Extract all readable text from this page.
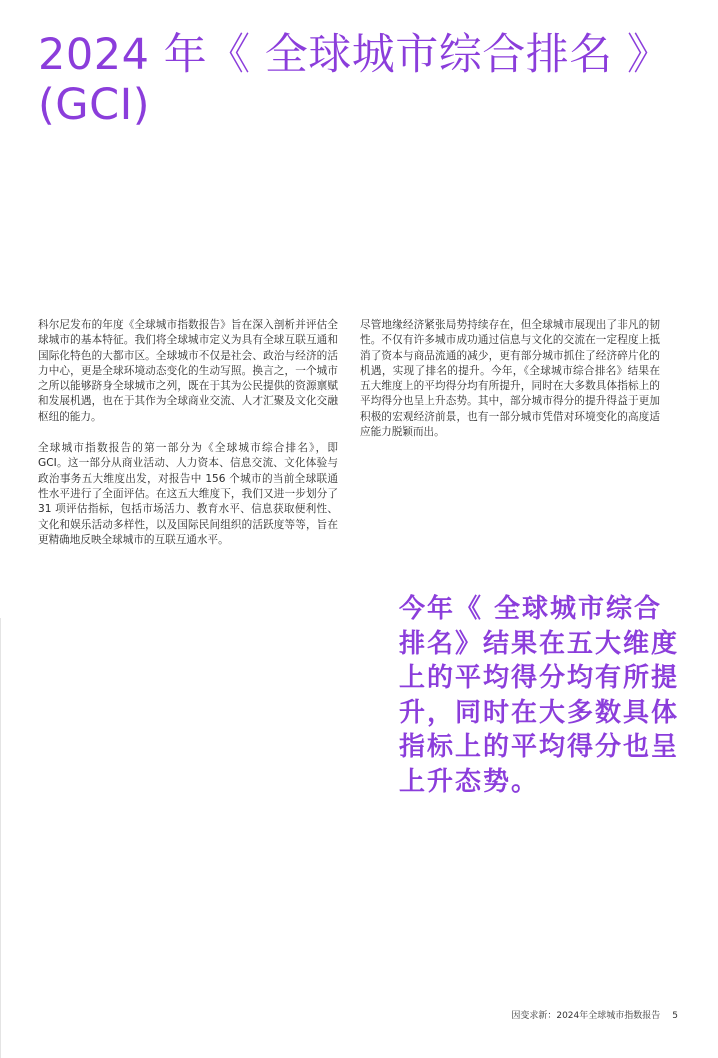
2024 年《 全球城市综合排名 》(GCI)

科尔尼发布的年度《全球城市指数报告》旨在深入剖析并评估全球城市的基本特征。我们将全球城市定义为具有全球互联互通和国际化特色的大都市区。全球城市不仅是社会、政治与经济的活力中心，更是全球环境动态变化的生动写照。换言之，一个城市之所以能够跻身全球城市之列，既在于其为公民提供的资源禀赋和发展机遇，也在于其作为全球商业交流、人才汇聚及文化交融枢纽的能力。

全球城市指数报告的第一部分为《全球城市综合排名》，即 GCI。这一部分从商业活动、人力资本、信息交流、文化体验与政治事务五大维度出发，对报告中 156 个城市的当前全球联通性水平进行了全面评估。在这五大维度下，我们又进一步划分了 31 项评估指标，包括市场活力、教育水平、信息获取便利性、文化和娱乐活动多样性，以及国际民间组织的活跃度等等，旨在更精确地反映全球城市的互联互通水平。

尽管地缘经济紧张局势持续存在，但全球城市展现出了非凡的韧性。不仅有许多城市成功通过信息与文化的交流在一定程度上抵消了资本与商品流通的减少，更有部分城市抓住了经济碎片化的机遇，实现了排名的提升。今年，《全球城市综合排名》结果在五大维度上的平均得分均有所提升，同时在大多数具体指标上的平均得分也呈上升态势。其中，部分城市得分的提升得益于更加积极的宏观经济前景，也有一部分城市凭借对环境变化的高度适应能力脱颖而出。

今年《 全球城市综合排名》结果在五大维度上的平均得分均有所提升，同时在大多数具体指标上的平均得分也呈上升态势。

因变求新：2024年全球城市指数报告 5
